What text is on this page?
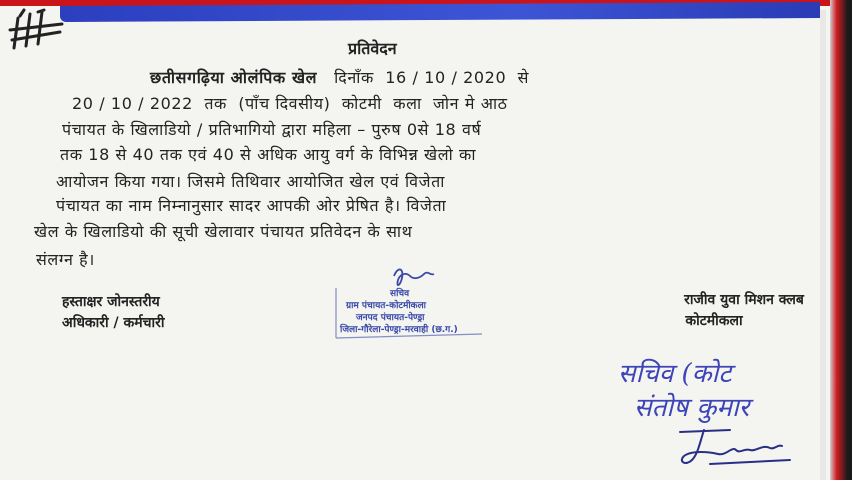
प्रतिवेदन
छतीसगढ़िया ओलंपिक खेल   दिनाँक  16 / 10 / 2020  से
20 / 10 / 2022  तक  (पाँच दिवसीय)  कोटमी  कला  जोन मे आठ
पंचायत के खिलाडियो / प्रतिभागियो द्वारा महिला – पुरुष 0से 18 वर्ष
तक 18 से 40 तक एवं 40 से अधिक आयु वर्ग के विभिन्न खेलो का
आयोजन किया गया। जिसमे तिथिवार आयोजित खेल एवं विजेता
पंचायत का नाम निम्नानुसार सादर आपकी ओर प्रेषित है। विजेता
खेल के खिलाडियो की सूची खेलावार पंचायत प्रतिवेदन के साथ
संलग्न है।
हस्ताक्षर जोनस्तरीय
अधिकारी / कर्मचारी
सचिव
ग्राम पंचायत-कोटमीकला
जनपद पंचायत-पेण्ड्रा
जिला-गौरेला-पेण्ड्रा-मरवाही (छ.ग.)
राजीव युवा मिशन क्लब
कोटमीकला
सचिव (कोट
संतोष कुमार
